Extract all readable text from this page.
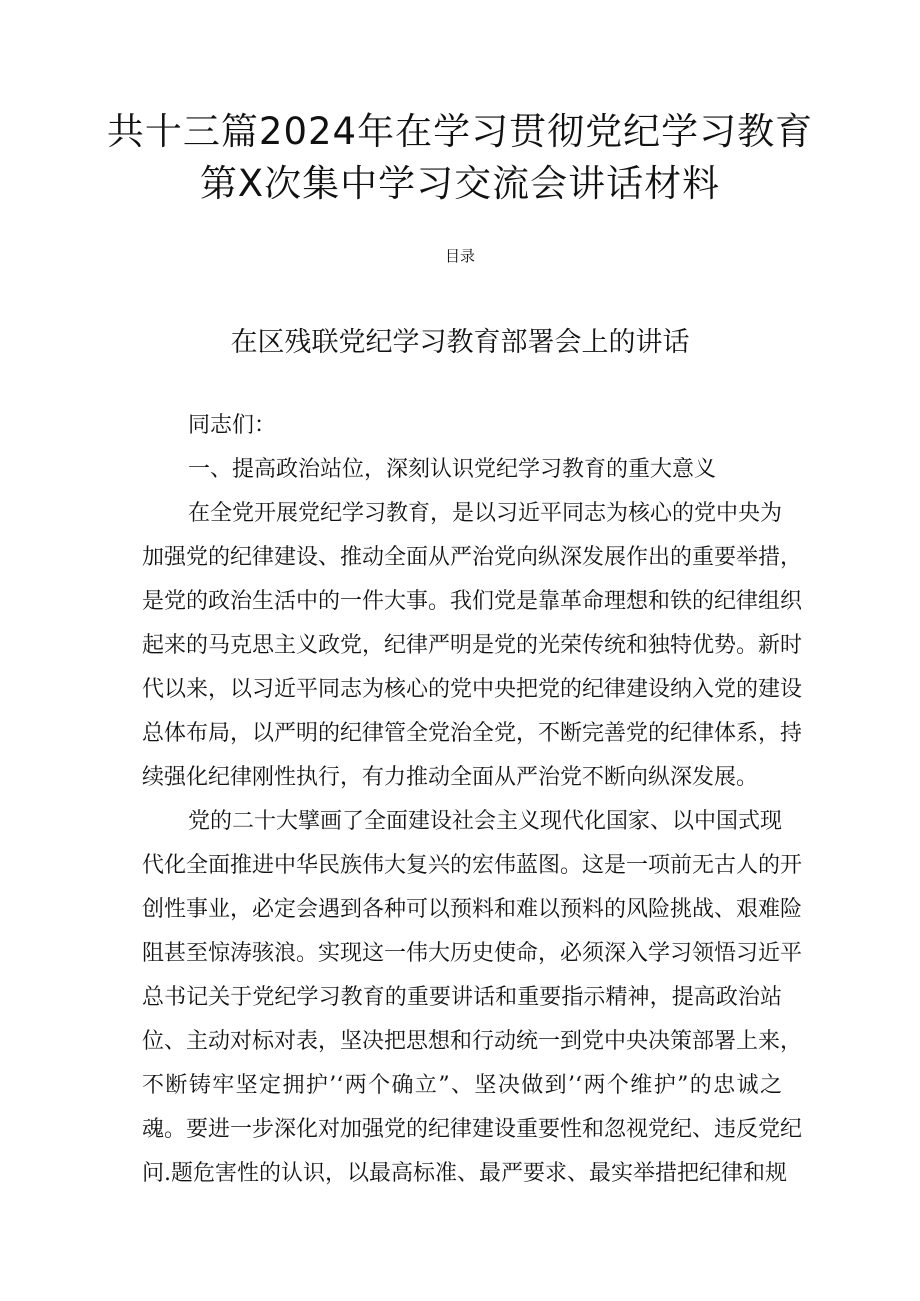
共十三篇2024年在学习贯彻党纪学习教育
第X次集中学习交流会讲话材料
目录
在区残联党纪学习教育部署会上的讲话
同志们：
一、提高政治站位，深刻认识党纪学习教育的重大意义
在全党开展党纪学习教育，是以习近平同志为核心的党中央为
加强党的纪律建设、推动全面从严治党向纵深发展作出的重要举措，
是党的政治生活中的一件大事。我们党是靠革命理想和铁的纪律组织
起来的马克思主义政党，纪律严明是党的光荣传统和独特优势。新时
代以来，以习近平同志为核心的党中央把党的纪律建设纳入党的建设
总体布局，以严明的纪律管全党治全党，不断完善党的纪律体系，持
续强化纪律刚性执行，有力推动全面从严治党不断向纵深发展。
党的二十大擘画了全面建设社会主义现代化国家、以中国式现
代化全面推进中华民族伟大复兴的宏伟蓝图。这是一项前无古人的开
创性事业，必定会遇到各种可以预料和难以预料的风险挑战、艰难险
阻甚至惊涛骇浪。实现这一伟大历史使命，必须深入学习领悟习近平
总书记关于党纪学习教育的重要讲话和重要指示精神，提高政治站
位、主动对标对表，坚决把思想和行动统一到党中央决策部署上来，
不断铸牢坚定拥护’‘两个确立”、坚决做到’‘两个维护”的忠诚之
魂。要进一步深化对加强党的纪律建设重要性和忽视党纪、违反党纪
问.题危害性的认识，以最高标准、最严要求、最实举措把纪律和规
